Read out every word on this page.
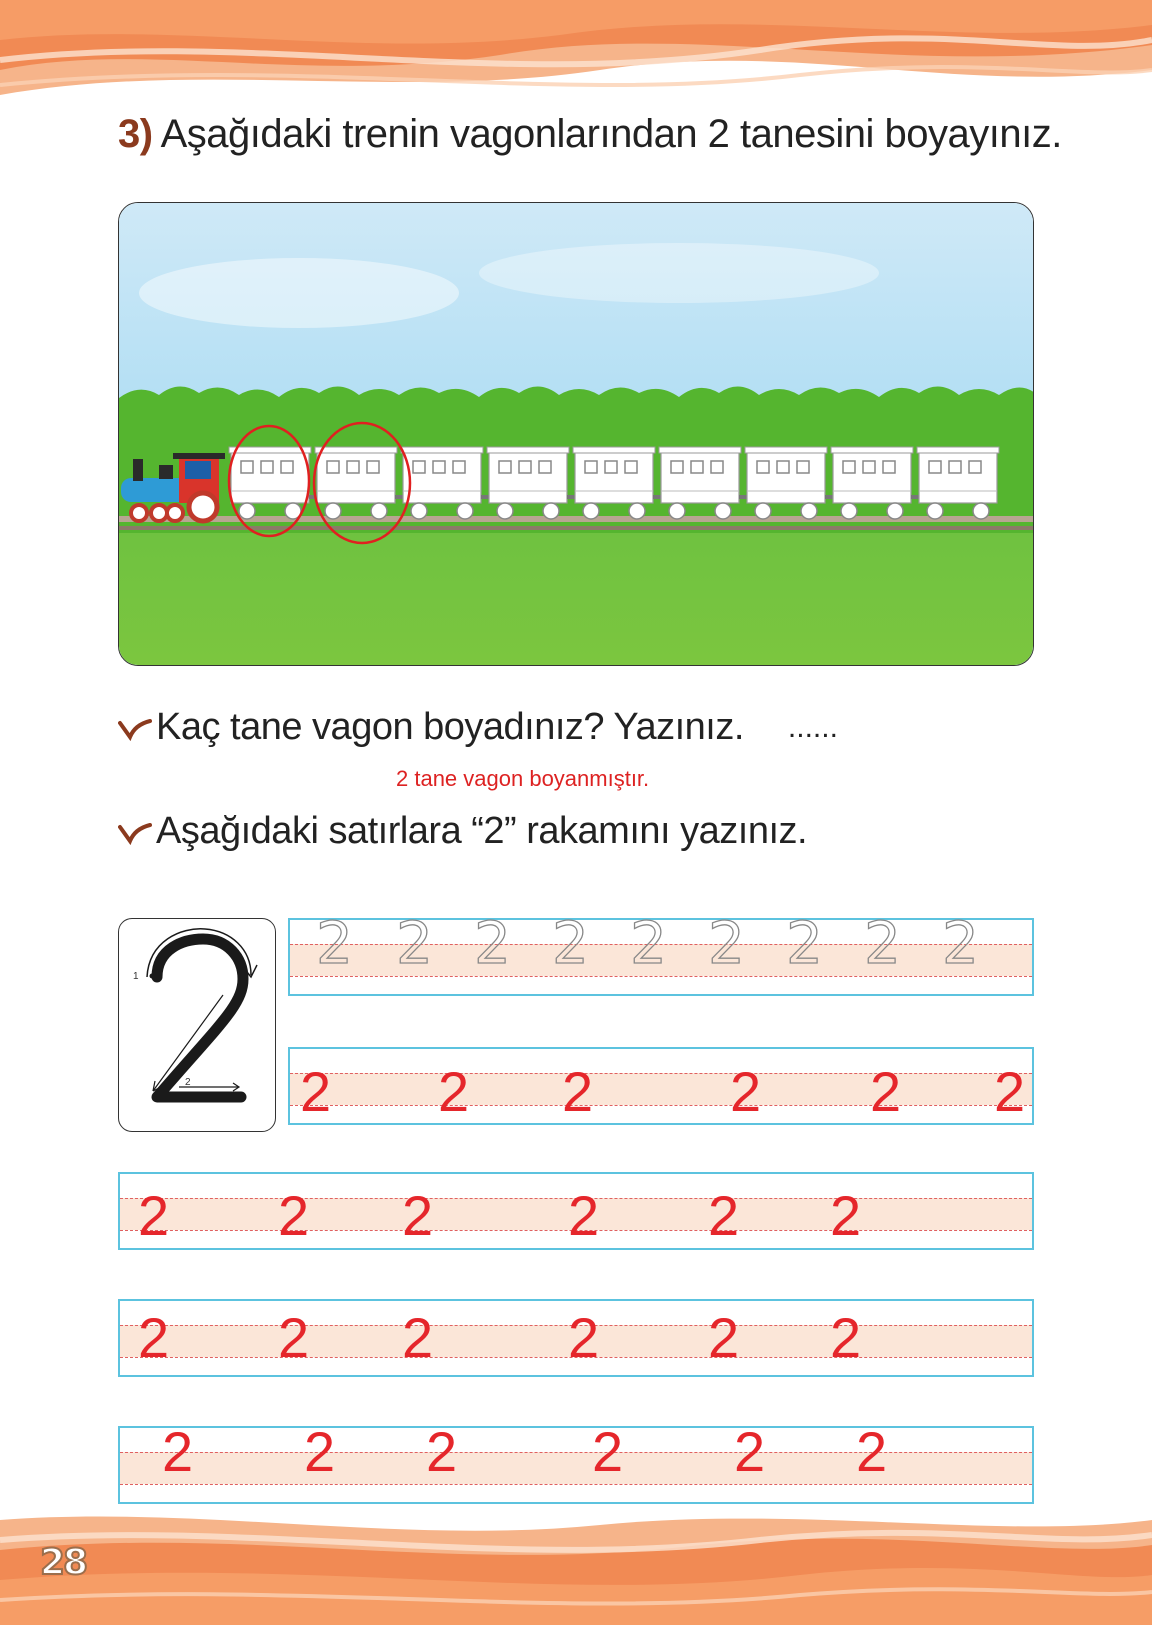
3) Aşağıdaki trenin vagonlarından 2 tanesini boyayınız.
Kaç tane vagon boyadınız? Yazınız. ......
2 tane vagon boyanmıştır.
Aşağıdaki satırlara “2” rakamını yazınız.
1
2
28
2 2 2 2 2 2 2 2 2
2 2 2 2 2 2
2 2 2 2 2 2
2 2 2 2 2 2
2 2 2 2 2 2
